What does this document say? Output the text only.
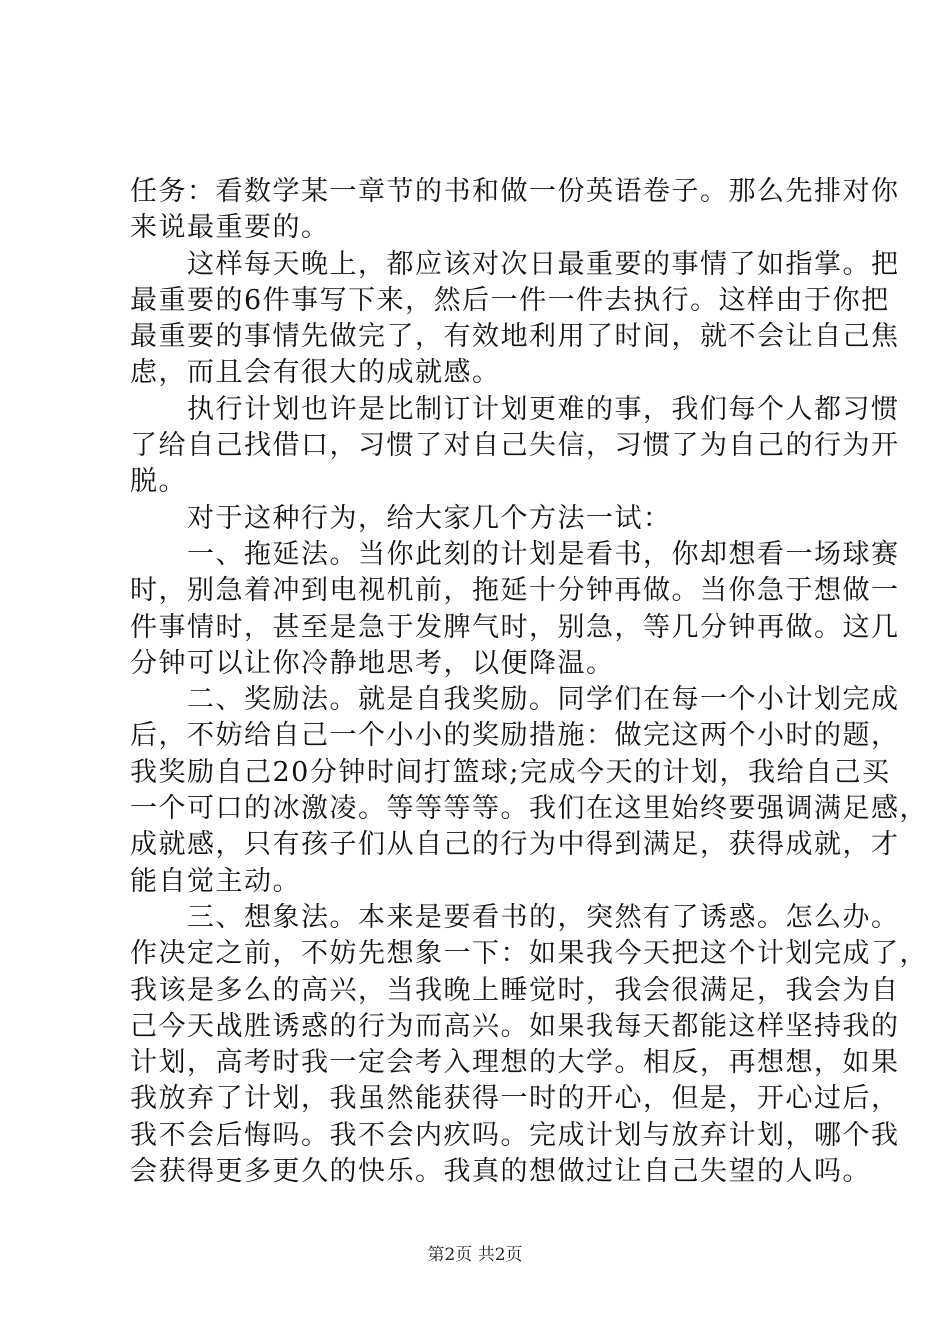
任务：看数学某一章节的书和做一份英语卷子。那么先排对你
来说最重要的。
　　这样每天晚上，都应该对次日最重要的事情了如指掌。把
最重要的6件事写下来，然后一件一件去执行。这样由于你把
最重要的事情先做完了，有效地利用了时间，就不会让自己焦
虑，而且会有很大的成就感。
　　执行计划也许是比制订计划更难的事，我们每个人都习惯
了给自己找借口，习惯了对自己失信，习惯了为自己的行为开
脱。
　　对于这种行为，给大家几个方法一试：
　　一、拖延法。当你此刻的计划是看书，你却想看一场球赛
时，别急着冲到电视机前，拖延十分钟再做。当你急于想做一
件事情时，甚至是急于发脾气时，别急，等几分钟再做。这几
分钟可以让你冷静地思考，以便降温。
　　二、奖励法。就是自我奖励。同学们在每一个小计划完成
后，不妨给自己一个小小的奖励措施：做完这两个小时的题，
我奖励自己20分钟时间打篮球;完成今天的计划，我给自己买
一个可口的冰激凌。等等等等。我们在这里始终要强调满足感，
成就感，只有孩子们从自己的行为中得到满足，获得成就，才
能自觉主动。
　　三、想象法。本来是要看书的，突然有了诱惑。怎么办。
作决定之前，不妨先想象一下：如果我今天把这个计划完成了，
我该是多么的高兴，当我晚上睡觉时，我会很满足，我会为自
己今天战胜诱惑的行为而高兴。如果我每天都能这样坚持我的
计划，高考时我一定会考入理想的大学。相反，再想想，如果
我放弃了计划，我虽然能获得一时的开心，但是，开心过后，
我不会后悔吗。我不会内疚吗。完成计划与放弃计划，哪个我
会获得更多更久的快乐。我真的想做过让自己失望的人吗。
第2页 共2页
